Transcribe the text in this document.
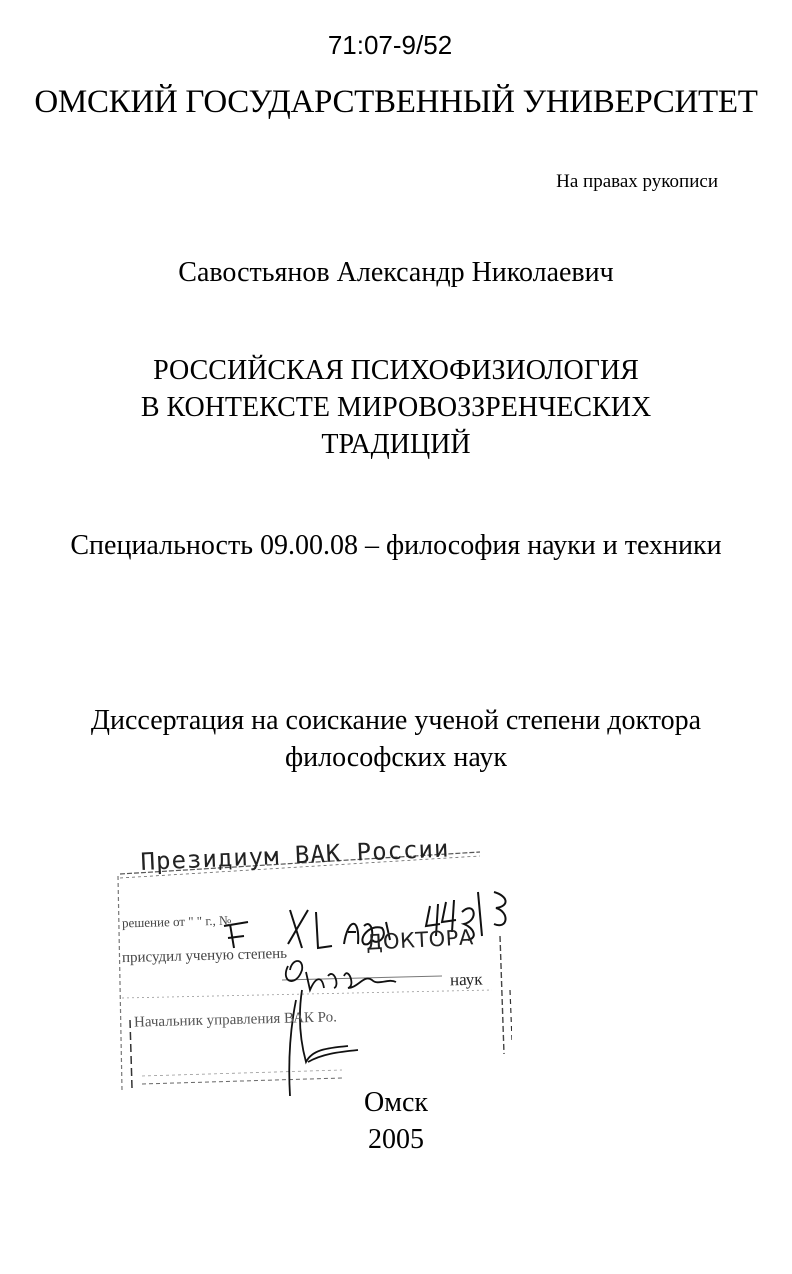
71:07-9/52
ОМСКИЙ ГОСУДАРСТВЕННЫЙ УНИВЕРСИТЕТ
На правах рукописи
Савостьянов Александр Николаевич
РОССИЙСКАЯ ПСИХОФИЗИОЛОГИЯ
В КОНТЕКСТЕ МИРОВОЗЗРЕНЧЕСКИХ
ТРАДИЦИЙ
Специальность 09.00.08 – философия науки и техники
Диссертация на соискание ученой степени доктора
философских наук
Президиум ВАК России
решение от " " г., №
присудил ученую степень
ДОКТОРА
наук
Начальник управления ВАК Ро.
Омск
2005
